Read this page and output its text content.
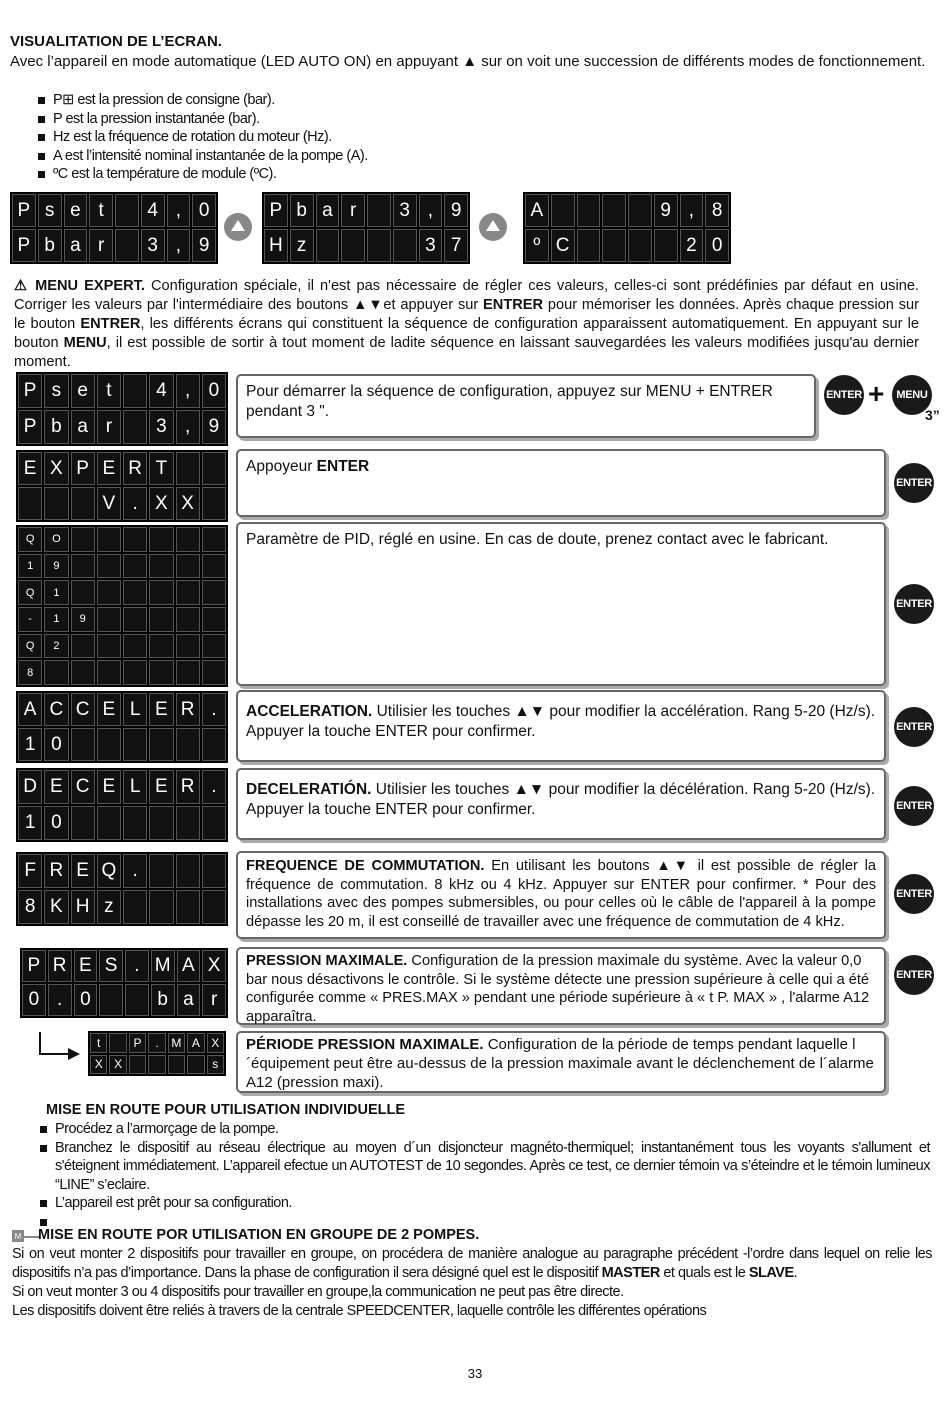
VISUALITATION DE L’ECRAN.
Avec l’appareil en mode automatique (LED AUTO ON) en appuyant ▲ sur on voit une succession de différents modes de fonctionnement.
P⊞ est la pression de consigne (bar).
P est la pression instantanée (bar).
Hz est la fréquence de rotation du moteur (Hz).
A est l’intensité nominal instantanée de la pompe (A).
ºC est la température de module (ºC).
P s e t	4 , 0
P b a r	3 , 9
P b a r	3 , 9
H z	3 7
A	9 , 8
º C	2 0
⚠ MENU EXPERT. Configuration spéciale, il n'est pas nécessaire de régler ces valeurs, celles-ci sont prédéfinies par défaut en usine. Corriger les valeurs par l'intermédiaire des boutons ▲▼et appuyer sur ENTRER pour mémoriser les données. Après chaque pression sur le bouton ENTRER, les différents écrans qui constituent la séquence de configuration apparaissent automatiquement. En appuyant sur le bouton MENU, il est possible de sortir à tout moment de ladite séquence en laissant sauvegardées les valeurs modifiées jusqu'au dernier moment.
P s e t	4 , 0
P b a r	3 , 9
Pour démarrer la séquence de configuration, appuyez sur MENU + ENTRER pendant 3 ".
ENTER +	MENU
3”
E X P E R T
V . X X
Appoyeur ENTER
ENTER
Q	O
1	9
Q	1
-	1	9
Q	2
8
Paramètre de PID, réglé en usine. En cas de doute, prenez contact avec le fabricant.
ENTER
A C C E L E R .
1 0
ACCELERATION. Utilisier les touches ▲▼ pour modifier la accélération. Rang 5-20 (Hz/s). Appuyer la touche ENTER pour confirmer.	ENTER
D E C E L E R .
1 0
DECELERATIÓN. Utilisier les touches ▲▼ pour modifier la décélération. Rang 5-20 (Hz/s). Appuyer la touche ENTER pour confirmer.	ENTER
F R E Q .
8 K H z
FREQUENCE DE COMMUTATION. En utilisant les boutons ▲▼ il est possible de régler la fréquence de commutation. 8 kHz ou 4 kHz. Appuyer sur ENTER pour confirmer. * Pour des installations avec des pompes submersibles, ou pour celles où le câble de l'appareil à la pompe dépasse les 20 m, il est conseillé de travailler avec une fréquence de commutation de 4 kHz.
ENTER
P R E S . M A X
0 . 0	b a r
PRESSION MAXIMALE. Configuration de la pression maximale du système. Avec la valeur 0,0 bar nous désactivons le contrôle. Si le système détecte une pression supérieure à celle qui a été configurée comme « PRES.MAX » pendant une période supérieure à « t P. MAX » , l'alarme A12 apparaîtra.
ENTER
t	P	.	M A X
X X	s
PÉRIODE PRESSION MAXIMALE. Configuration de la période de temps pendant laquelle l´équipement peut être au-dessus de la pression maximale avant le déclenchement de l´alarme A12 (pression maxi).
MISE EN ROUTE POUR UTILISATION INDIVIDUELLE
Procédez a l’armorçage de la pompe.
Branchez le dispositif au réseau électrique au moyen d´un disjoncteur magnéto-thermiquel; instantanément tous les voyants s'allument et s'éteignent immédiatement. L’appareil efectue un AUTOTEST de 10 segondes. Après ce test, ce dernier témoin va s’éteindre et le témoin lumineux “LINE” s’eclaire.
L’appareil est prêt pour sa configuration.
M MISE EN ROUTE POR UTILISATION EN GROUPE DE 2 POMPES.
Si on veut monter 2 dispositifs pour travailler en groupe, on procédera de manière analogue au paragraphe précédent -l’ordre dans lequel on relie les dispositifs n’a pas d’importance. Dans la phase de configuration il sera désigné quel est le dispositif MASTER et quals est le SLAVE.
Si on veut monter 3 ou 4 dispositifs pour travailler en groupe,la communication ne peut pas être directe.
Les dispositifs doivent être reliés à travers de la centrale SPEEDCENTER, laquelle contrôle les différentes opérations
33
